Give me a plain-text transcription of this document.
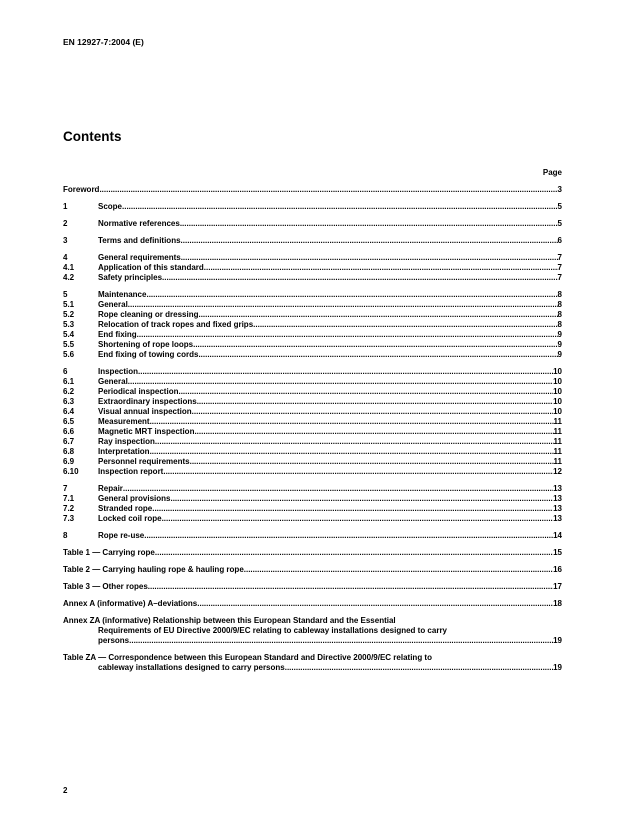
EN 12927-7:2004 (E)
Contents
Page
Foreword .....	3
1	Scope .....	5
2	Normative references .....	5
3	Terms and definitions .....	6
4	General requirements .....	7
4.1	Application of this standard .....	7
4.2	Safety principles .....	7
5	Maintenance .....	8
5.1	General .....	8
5.2	Rope cleaning or dressing .....	8
5.3	Relocation of track ropes and fixed grips .....	8
5.4	End fixing .....	9
5.5	Shortening of rope loops .....	9
5.6	End fixing of towing cords .....	9
6	Inspection .....	10
6.1	General .....	10
6.2	Periodical inspection .....	10
6.3	Extraordinary inspections .....	10
6.4	Visual annual inspection .....	10
6.5	Measurement .....	11
6.6	Magnetic MRT inspection .....	11
6.7	Ray inspection .....	11
6.8	Interpretation .....	11
6.9	Personnel requirements .....	11
6.10	Inspection report .....	12
7	Repair .....	13
7.1	General provisions .....	13
7.2	Stranded rope .....	13
7.3	Locked coil rope .....	13
8	Rope re-use .....	14
Table 1 — Carrying rope .....	15
Table 2 — Carrying hauling rope & hauling rope .....	16
Table 3 — Other ropes .....	17
Annex A (informative) A–deviations .....	18
Annex ZA (informative) Relationship between this European Standard and the Essential
Requirements of EU Directive 2000/9/EC relating to cableway installations designed to carry
persons .....	19
Table ZA — Correspondence between this European Standard and Directive 2000/9/EC relating to
cableway installations designed to carry persons .....	19
2
